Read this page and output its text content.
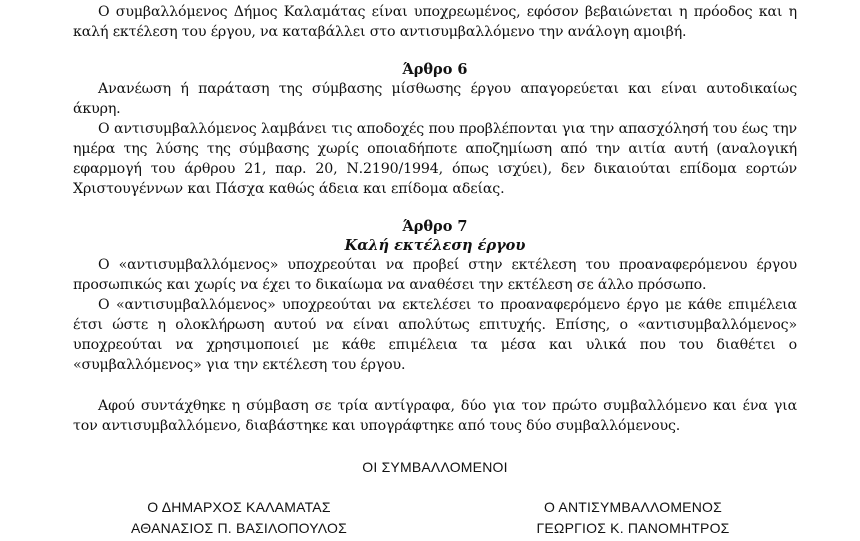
Ο συμβαλλόμενος Δήμος Καλαμάτας είναι υποχρεωμένος, εφόσον βεβαιώνεται η πρόοδος και η καλή εκτέλεση του έργου, να καταβάλλει στο αντισυμβαλλόμενο την ανάλογη αμοιβή.

Άρθρο 6

Ανανέωση ή παράταση της σύμβασης μίσθωσης έργου απαγορεύεται και είναι αυτοδικαίως άκυρη.

Ο αντισυμβαλλόμενος λαμβάνει τις αποδοχές που προβλέπονται για την απασχόλησή του έως την ημέρα της λύσης της σύμβασης χωρίς οποιαδήποτε αποζημίωση από την αιτία αυτή (αναλογική εφαρμογή του άρθρου 21, παρ. 20, Ν.2190/1994, όπως ισχύει), δεν δικαιούται επίδομα εορτών Χριστουγέννων και Πάσχα καθώς άδεια και επίδομα αδείας.

Άρθρο 7

Καλή εκτέλεση έργου

Ο «αντισυμβαλλόμενος» υποχρεούται να προβεί στην εκτέλεση του προαναφερόμενου έργου προσωπικώς και χωρίς να έχει το δικαίωμα να αναθέσει την εκτέλεση σε άλλο πρόσωπο.

Ο «αντισυμβαλλόμενος» υποχρεούται να εκτελέσει το προαναφερόμενο έργο με κάθε επιμέλεια έτσι ώστε η ολοκλήρωση αυτού να είναι απολύτως επιτυχής. Επίσης, ο «αντισυμβαλλόμενος» υποχρεούται να χρησιμοποιεί με κάθε επιμέλεια τα μέσα και υλικά που του διαθέτει ο «συμβαλλόμενος» για την εκτέλεση του έργου.

Αφού συντάχθηκε η σύμβαση σε τρία αντίγραφα, δύο για τον πρώτο συμβαλλόμενο και ένα για τον αντισυμβαλλόμενο, διαβάστηκε και υπογράφτηκε από τους δύο συμβαλλόμενους.

ΟΙ ΣΥΜΒΑΛΛΟΜΕΝΟΙ

Ο ΔΗΜΑΡΧΟΣ ΚΑΛΑΜΑΤΑΣ
ΑΘΑΝΑΣΙΟΣ Π. ΒΑΣΙΛΟΠΟΥΛΟΣ
Ο ΑΝΤΙΣΥΜΒΑΛΛΟΜΕΝΟΣ
ΓΕΩΡΓΙΟΣ Κ. ΠΑΝΟΜΗΤΡΟΣ
